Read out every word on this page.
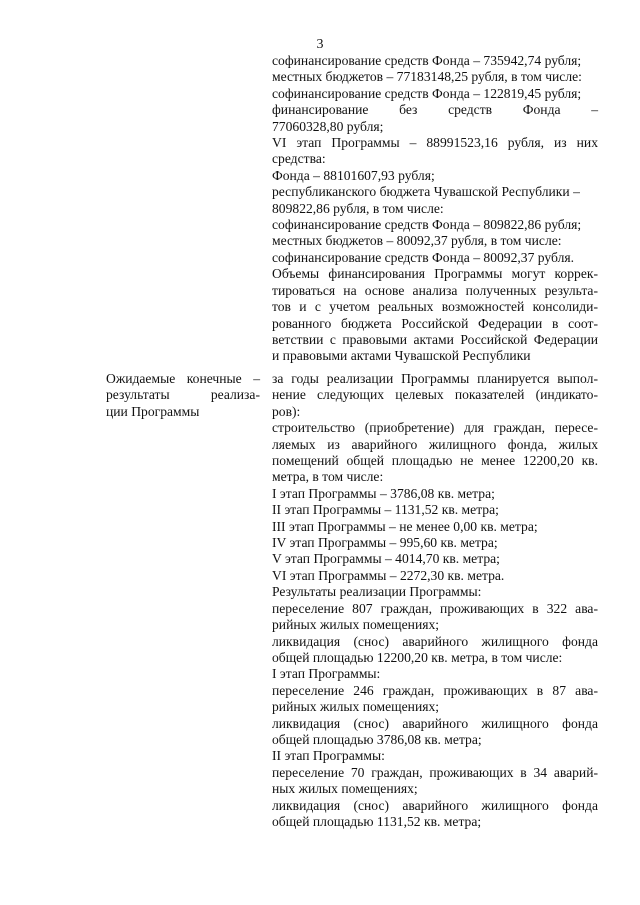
3
софинансирование средств Фонда – 735942,74 рубля;
местных бюджетов – 77183148,25 рубля, в том числе:
софинансирование средств Фонда – 122819,45 рубля;
финансирование без средств Фонда –
77060328,80 рубля;
VI этап Программы – 88991523,16 рубля, из них
средства:
Фонда – 88101607,93 рубля;
республиканского бюджета Чувашской Республики –
809822,86 рубля, в том числе:
софинансирование средств Фонда – 809822,86 рубля;
местных бюджетов – 80092,37 рубля, в том числе:
софинансирование средств Фонда – 80092,37 рубля.
Объемы финансирования Программы могут коррек-
тироваться на основе анализа полученных результа-
тов и с учетом реальных возможностей консолиди-
рованного бюджета Российской Федерации в соот-
ветствии с правовыми актами Российской Федерации
и правовыми актами Чувашской Республики
Ожидаемые конечные –
результаты реализа-
ции Программы
за годы реализации Программы планируется выпол-
нение следующих целевых показателей (индикато-
ров):
строительство (приобретение) для граждан, пересе-
ляемых из аварийного жилищного фонда, жилых
помещений общей площадью не менее 12200,20 кв.
метра, в том числе:
I этап Программы – 3786,08 кв. метра;
II этап Программы – 1131,52 кв. метра;
III этап Программы – не менее 0,00 кв. метра;
IV этап Программы – 995,60 кв. метра;
V этап Программы – 4014,70 кв. метра;
VI этап Программы – 2272,30 кв. метра.
Результаты реализации Программы:
переселение 807 граждан, проживающих в 322 ава-
рийных жилых помещениях;
ликвидация (снос) аварийного жилищного фонда
общей площадью 12200,20 кв. метра, в том числе:
I этап Программы:
переселение 246 граждан, проживающих в 87 ава-
рийных жилых помещениях;
ликвидация (снос) аварийного жилищного фонда
общей площадью 3786,08 кв. метра;
II этап Программы:
переселение 70 граждан, проживающих в 34 аварий-
ных жилых помещениях;
ликвидация (снос) аварийного жилищного фонда
общей площадью 1131,52 кв. метра;
